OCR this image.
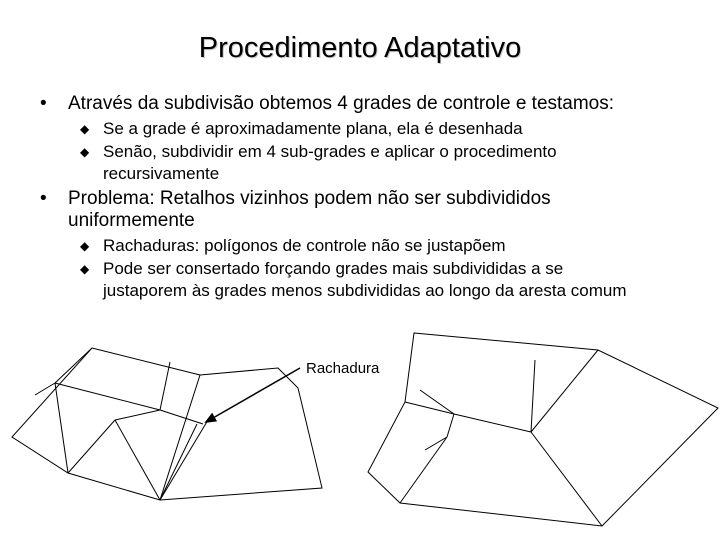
Procedimento Adaptativo
• Através da subdivisão obtemos 4 grades de controle e testamos:
◆ Se a grade é aproximadamente plana, ela é desenhada
◆ Senão, subdividir em 4 sub-grades e aplicar o procedimento recursivamente
• Problema: Retalhos vizinhos podem não ser subdivididos uniformemente
◆ Rachaduras: polígonos de controle não se justapõem
◆ Pode ser consertado forçando grades mais subdivididas a se justaporem às grades menos subdivididas ao longo da aresta comum
Rachadura
